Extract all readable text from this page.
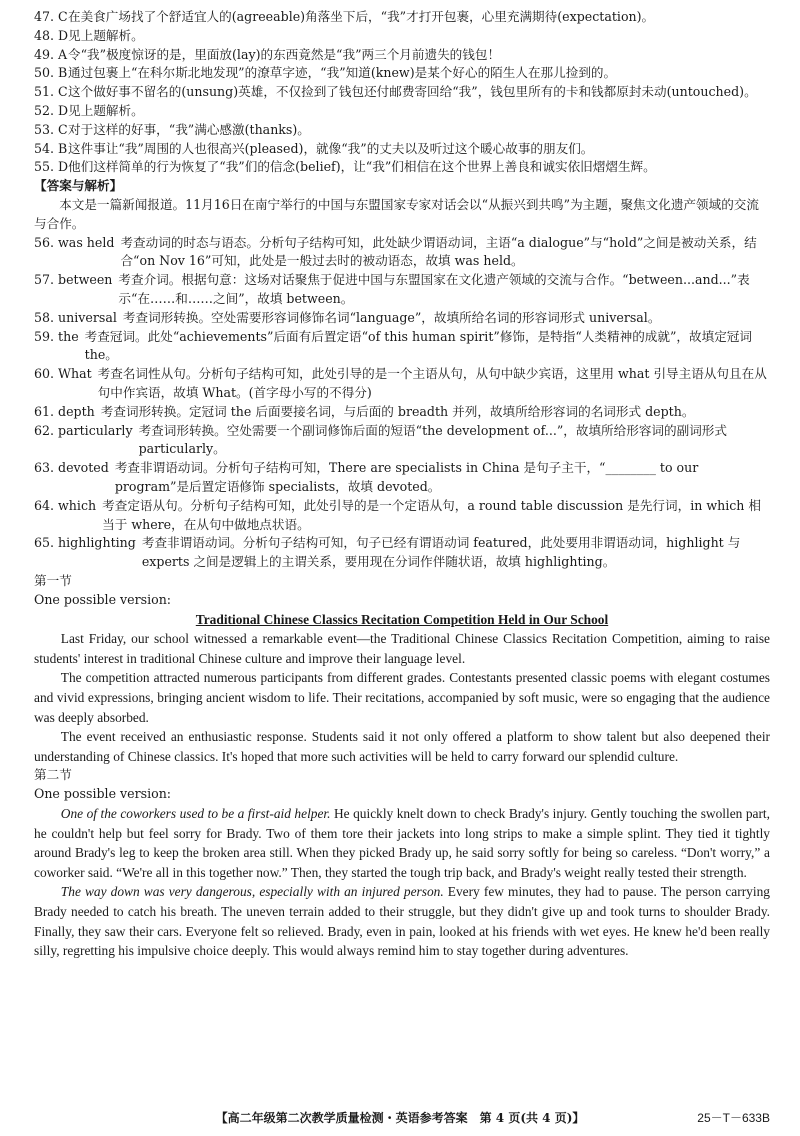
47. C 在美食广场找了个舒适宜人的(agreeable)角落坐下后，“我”才打开包裹，心里充满期待(expectation)。
48. D 见上题解析。
49. A 令“我”极度惊讶的是，里面放(lay)的东西竟然是“我”两三个月前遗失的钱包！
50. B 通过包裹上“在科尔斯北地发现”的潦草字迹，“我”知道(knew)是某个好心的陌生人在那儿捡到的。
51. C 这个做好事不留名的(unsung)英雄，不仅捡到了钱包还付邮费寄回给“我”，钱包里所有的卡和钱都原封未动(untouched)。
52. D 见上题解析。
53. C 对于这样的好事，“我”满心感激(thanks)。
54. B 这件事让“我”周围的人也很高兴(pleased)，就像“我”的丈夫以及听过这个暖心故事的朋友们。
55. D 他们这样简单的行为恢复了“我”们的信念(belief)，让“我”们相信在这个世界上善良和诚实依旧熠熠生辉。
【答案与解析】
本文是一篇新闻报道。11月16日在南宁举行的中国与东盟国家专家对话会以“从振兴到共鸣”为主题，聚焦文化遗产领域的交流与合作。
56. was held 考查动词的时态与语态。分析句子结构可知，此处缺少谓语动词，主语“a dialogue”与“hold”之间是被动关系，结合“on Nov 16”可知，此处是一般过去时的被动语态，故填 was held。
57. between 考查介词。根据句意：这场对话聚焦于促进中国与东盟国家在文化遗产领域的交流与合作。“between...and...”表示“在……和……之间”，故填 between。
58. universal 考查词形转换。空处需要形容词修饰名词“language”，故填所给名词的形容词形式 universal。
59. the 考查冠词。此处“achievements”后面有后置定语“of this human spirit”修饰，是特指“人类精神的成就”，故填定冠词 the。
60. What 考查名词性从句。分析句子结构可知，此处引导的是一个主语从句，从句中缺少宾语，这里用 what 引导主语从句且在从句中作宾语，故填 What。(首字母小写的不得分)
61. depth 考查词形转换。定冠词 the 后面要接名词，与后面的 breadth 并列，故填所给形容词的名词形式 depth。
62. particularly 考查词形转换。空处需要一个副词修饰后面的短语“the development of...”，故填所给形容词的副词形式 particularly。
63. devoted 考查非谓语动词。分析句子结构可知，There are specialists in China 是句子主干，“________ to our program”是后置定语修饰 specialists，故填 devoted。
64. which 考查定语从句。分析句子结构可知，此处引导的是一个定语从句，a round table discussion 是先行词，in which 相当于 where，在从句中做地点状语。
65. highlighting 考查非谓语动词。分析句子结构可知，句子已经有谓语动词 featured，此处要用非谓语动词，highlight 与 experts 之间是逻辑上的主谓关系，要用现在分词作伴随状语，故填 highlighting。
第一节
One possible version:
Traditional Chinese Classics Recitation Competition Held in Our School

Last Friday, our school witnessed a remarkable event—the Traditional Chinese Classics Recitation Competition, aiming to raise students' interest in traditional Chinese culture and improve their language level.

The competition attracted numerous participants from different grades. Contestants presented classic poems with elegant costumes and vivid expressions, bringing ancient wisdom to life. Their recitations, accompanied by soft music, were so engaging that the audience was deeply absorbed.

The event received an enthusiastic response. Students said it not only offered a platform to show talent but also deepened their understanding of Chinese classics. It's hoped that more such activities will be held to carry forward our splendid culture.

第二节
One possible version:

One of the coworkers used to be a first-aid helper. He quickly knelt down to check Brady's injury. Gently touching the swollen part, he couldn't help but feel sorry for Brady. Two of them tore their jackets into long strips to make a simple splint. They tied it tightly around Brady's leg to keep the broken area still. When they picked Brady up, he said sorry softly for being so careless. “Don't worry,” a coworker said. “We're all in this together now.” Then, they started the tough trip back, and Brady's weight really tested their strength.

The way down was very dangerous, especially with an injured person. Every few minutes, they had to pause. The person carrying Brady needed to catch his breath. The uneven terrain added to their struggle, but they didn't give up and took turns to shoulder Brady. Finally, they saw their cars. Everyone felt so relieved. Brady, even in pain, looked at his friends with wet eyes. He knew he'd been really silly, regretting his impulsive choice deeply. This would always remind him to stay together during adventures.

【高二年级第二次教学质量检测・英语参考答案　第 4 页(共 4 页)】	25－T－633B
